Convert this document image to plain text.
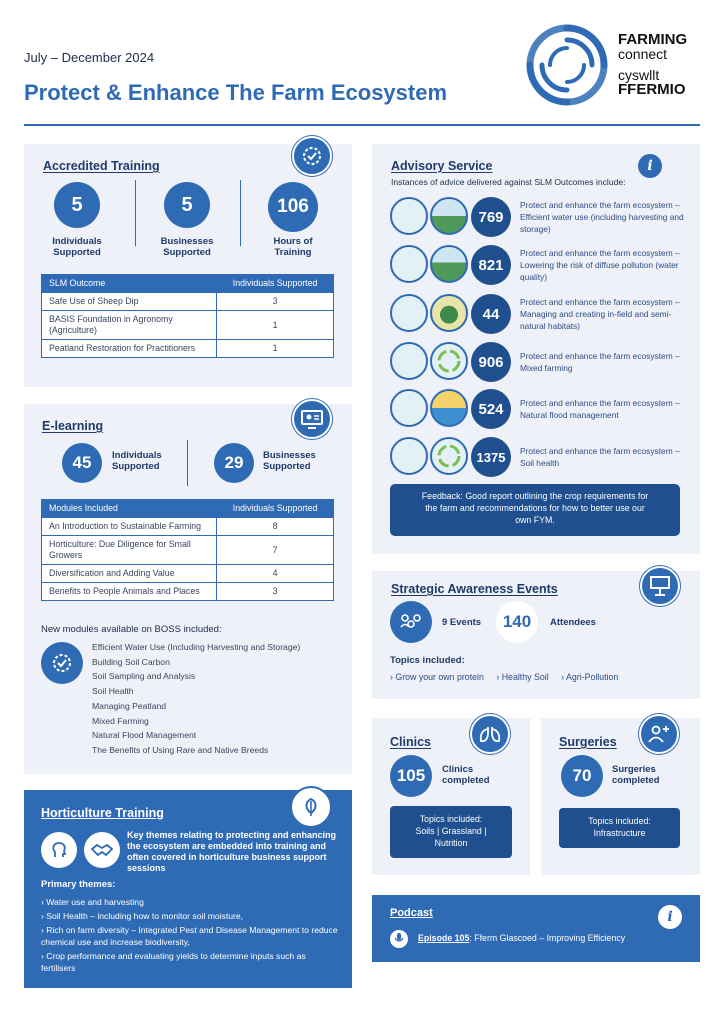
July – December 2024
Protect & Enhance The Farm Ecosystem
FARMING
connect
cyswllt
FFERMIO
Accredited Training
5
Individuals
Supported
5
Businesses
Supported
106
Hours of
Training
SLM Outcome	Individuals Supported
Safe Use of Sheep Dip	3
BASIS Foundation in Agronomy (Agriculture)	1
Peatland Restoration for Practitioners	1
E-learning
45	Individuals
Supported	29	Businesses
Supported
Modules Included	Individuals Supported
An Introduction to Sustainable Farming	8
Horticulture: Due Diligence for Small Growers	7
Diversification and Adding Value	4
Benefits to People Animals and Places	3
New modules available on BOSS included:
Efficient Water Use (Including Harvesting and Storage)
Building Soil Carbon
Soil Sampling and Analysis
Soil Health
Managing Peatland
Mixed Farming
Natural Flood Management
The Benefits of Using Rare and Native Breeds
Horticulture Training
Key themes relating to protecting and enhancing the ecosystem are embedded into training and often covered in horticulture business support sessions
Primary themes:
› Water use and harvesting
› Soil Health – including how to monitor soil moisture,
› Rich on farm diversity – Integrated Pest and Disease Management to reduce chemical use and increase biodiversity,
› Crop performance and evaluating yields to determine inputs such as fertilisers
Advisory Service	i
Instances of advice delivered against SLM Outcomes include:
769
Protect and enhance the farm ecosystem – Efficient water use (including harvesting and storage)
821
Protect and enhance the farm ecosystem – Lowering the risk of diffuse pollution (water quality)
44
Protect and enhance the farm ecosystem – Managing and creating in-field and semi-natural habitats)
906	Protect and enhance the farm ecosystem – Mixed farming
524	Protect and enhance the farm ecosystem – Natural flood management
1375	Protect and enhance the farm ecosystem – Soil health
Feedback: Good report outlining the crop requirements for the farm and recommendations for how to better use our own FYM.
Strategic Awareness Events
9 Events	140	Attendees
Topics included:
› Grow your own protein › Healthy Soil › Agri-Pollution
Clinics
105	Clinics
completed
Topics included:
Soils | Grassland | Nutrition
Surgeries
70	Surgeries
completed
Topics included:
Infrastructure
Podcast	i
Episode 105: Fferm Glascoed – Improving Efficiency
